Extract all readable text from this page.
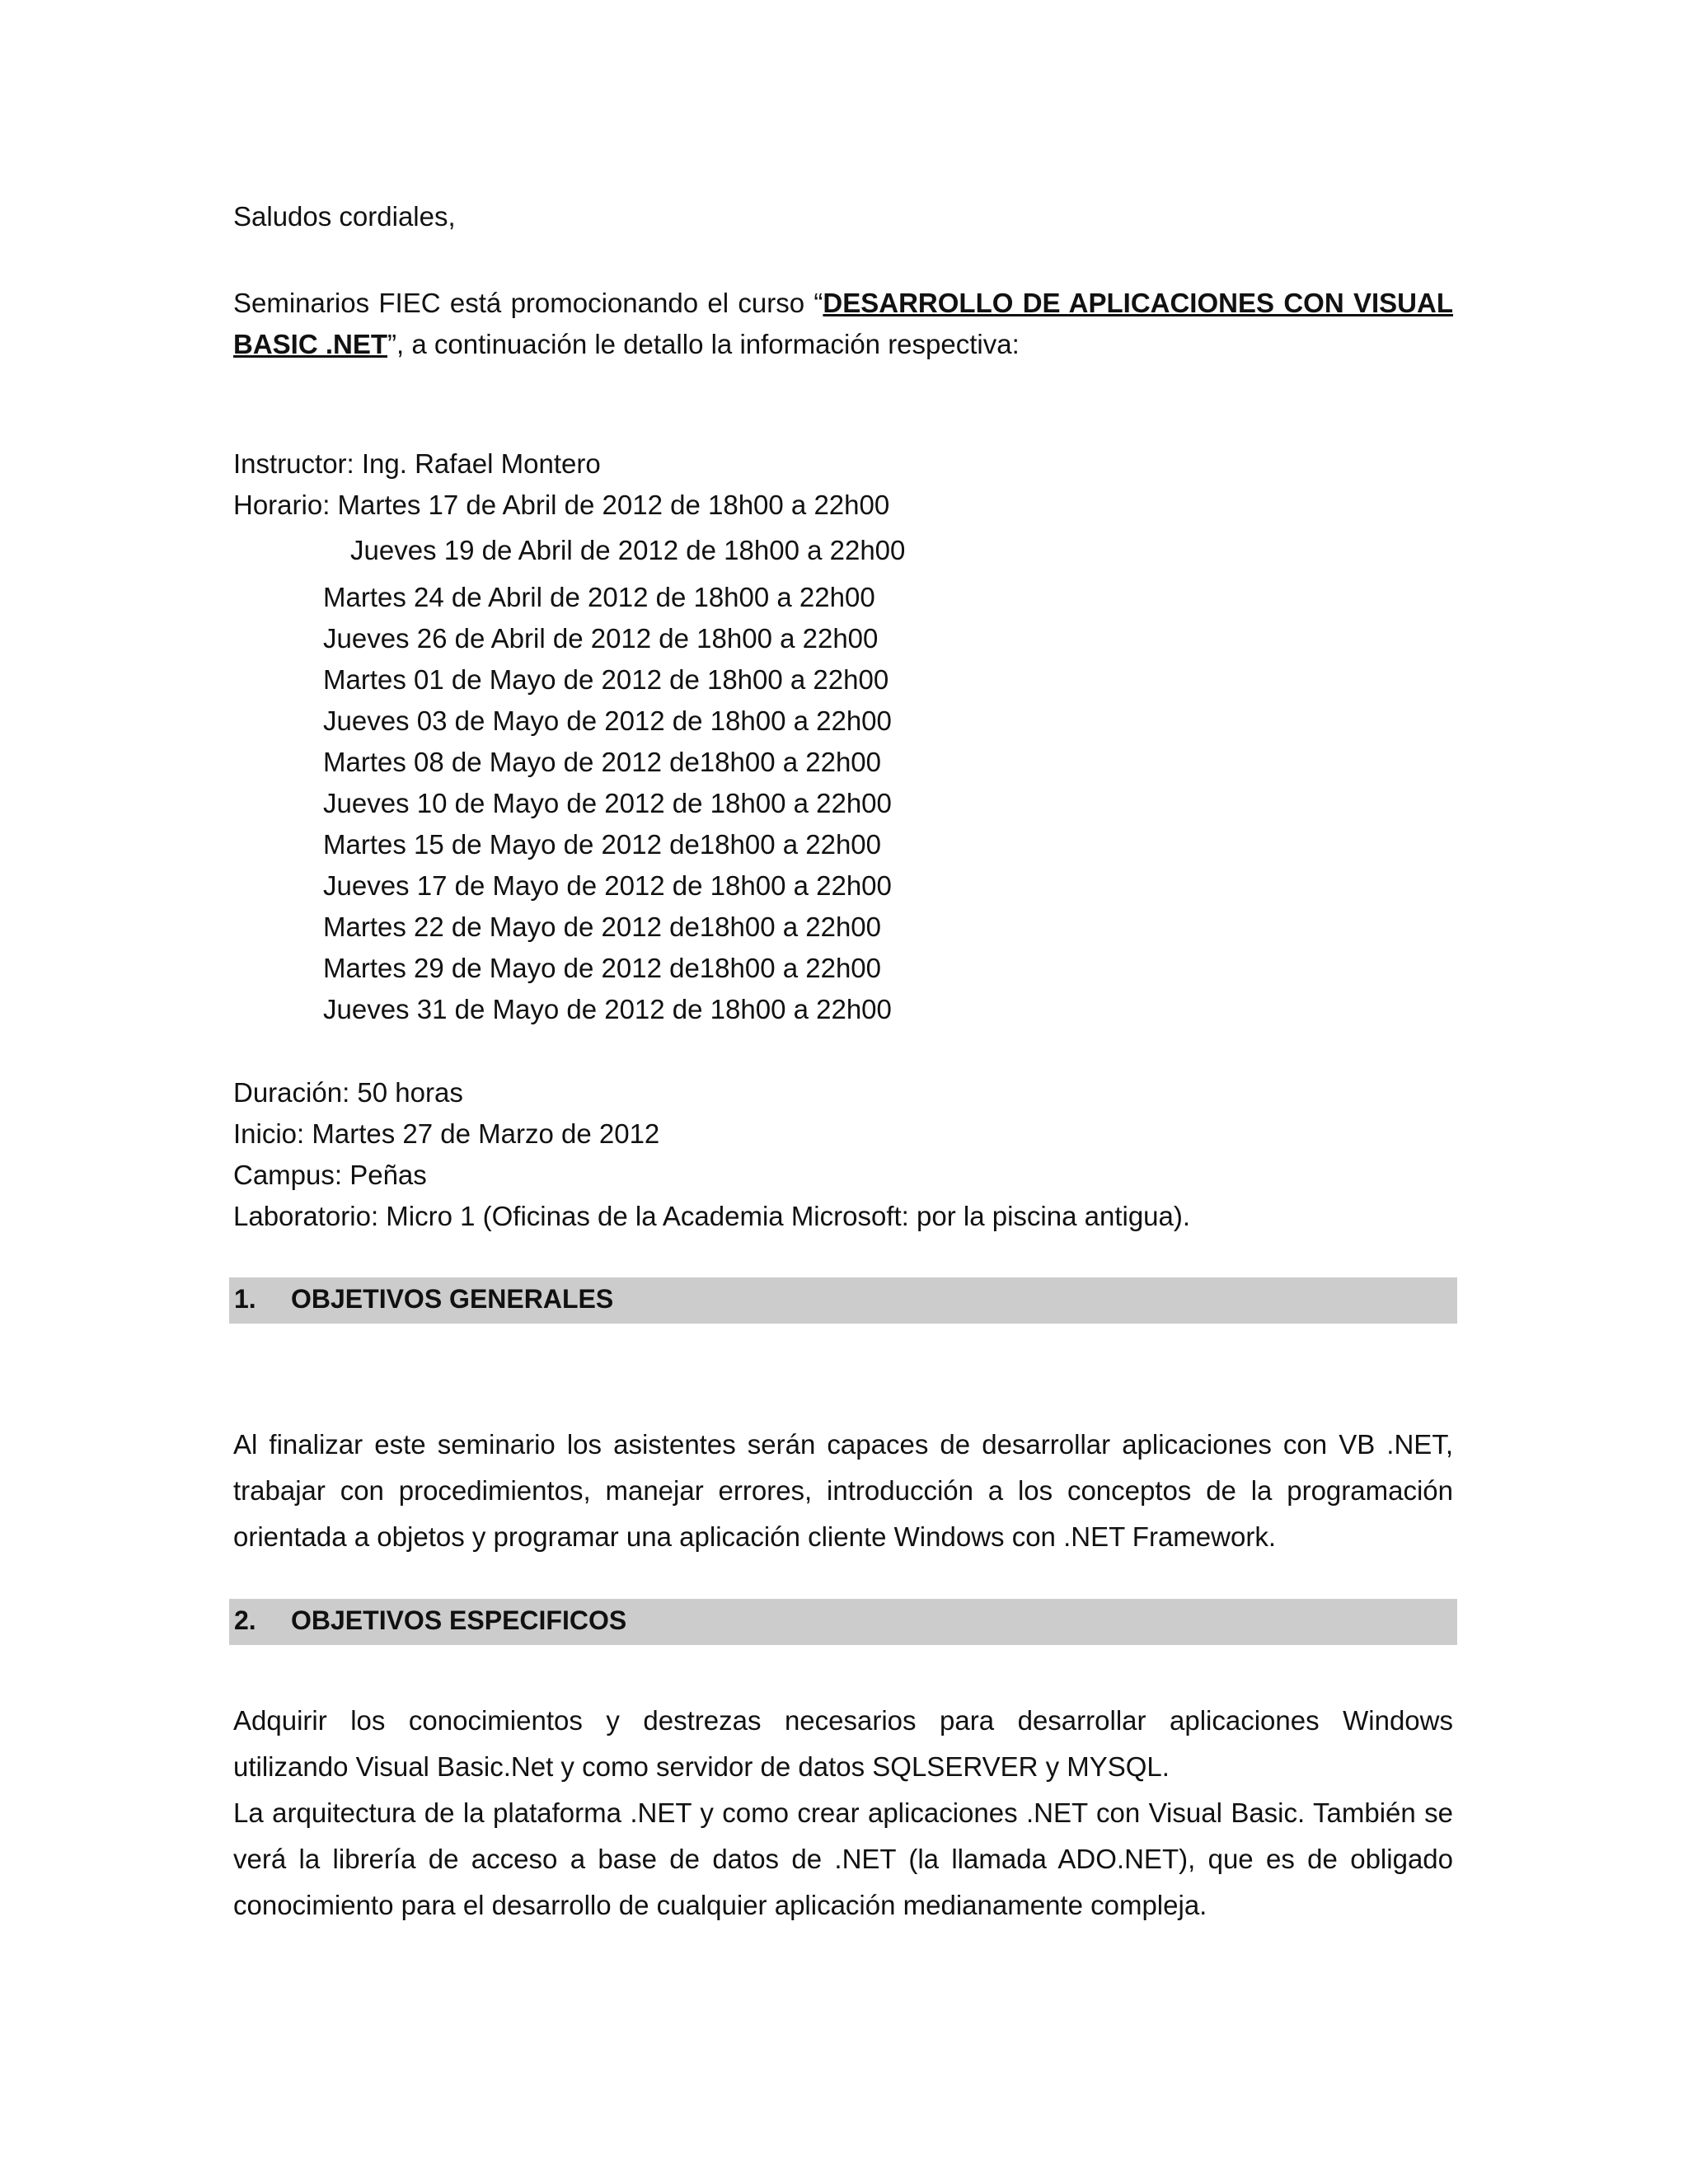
Saludos cordiales,
Seminarios FIEC está promocionando el curso “DESARROLLO DE APLICACIONES CON VISUAL
BASIC .NET”, a continuación le detallo la información respectiva:
Instructor: Ing. Rafael Montero
Horario: Martes 17 de Abril de 2012 de 18h00 a 22h00
Jueves 19 de Abril de 2012 de 18h00 a 22h00
Martes 24 de Abril de 2012 de 18h00 a 22h00
Jueves 26 de Abril de 2012 de 18h00 a 22h00
Martes 01 de Mayo de 2012 de 18h00 a 22h00
Jueves 03 de Mayo de 2012 de 18h00 a 22h00
Martes 08 de Mayo de 2012 de18h00 a 22h00
Jueves 10 de Mayo de 2012 de 18h00 a 22h00
Martes 15 de Mayo de 2012 de18h00 a 22h00
Jueves 17 de Mayo de 2012 de 18h00 a 22h00
Martes 22 de Mayo de 2012 de18h00 a 22h00
Martes 29 de Mayo de 2012 de18h00 a 22h00
Jueves 31 de Mayo de 2012 de 18h00 a 22h00
Duración: 50 horas
Inicio: Martes 27 de Marzo de 2012
Campus: Peñas
Laboratorio: Micro 1 (Oficinas de la Academia Microsoft: por la piscina antigua).
1. OBJETIVOS GENERALES
Al finalizar este seminario los asistentes serán capaces de desarrollar aplicaciones con VB .NET,
trabajar con procedimientos, manejar errores, introducción a los conceptos de la programación
orientada a objetos y programar una aplicación cliente Windows con .NET Framework.
2. OBJETIVOS ESPECIFICOS
Adquirir los conocimientos y destrezas necesarios para desarrollar aplicaciones Windows
utilizando Visual Basic.Net y como servidor de datos SQLSERVER y MYSQL.
La arquitectura de la plataforma .NET y como crear aplicaciones .NET con Visual Basic. También se
verá la librería de acceso a base de datos de .NET (la llamada ADO.NET), que es de obligado
conocimiento para el desarrollo de cualquier aplicación medianamente compleja.
